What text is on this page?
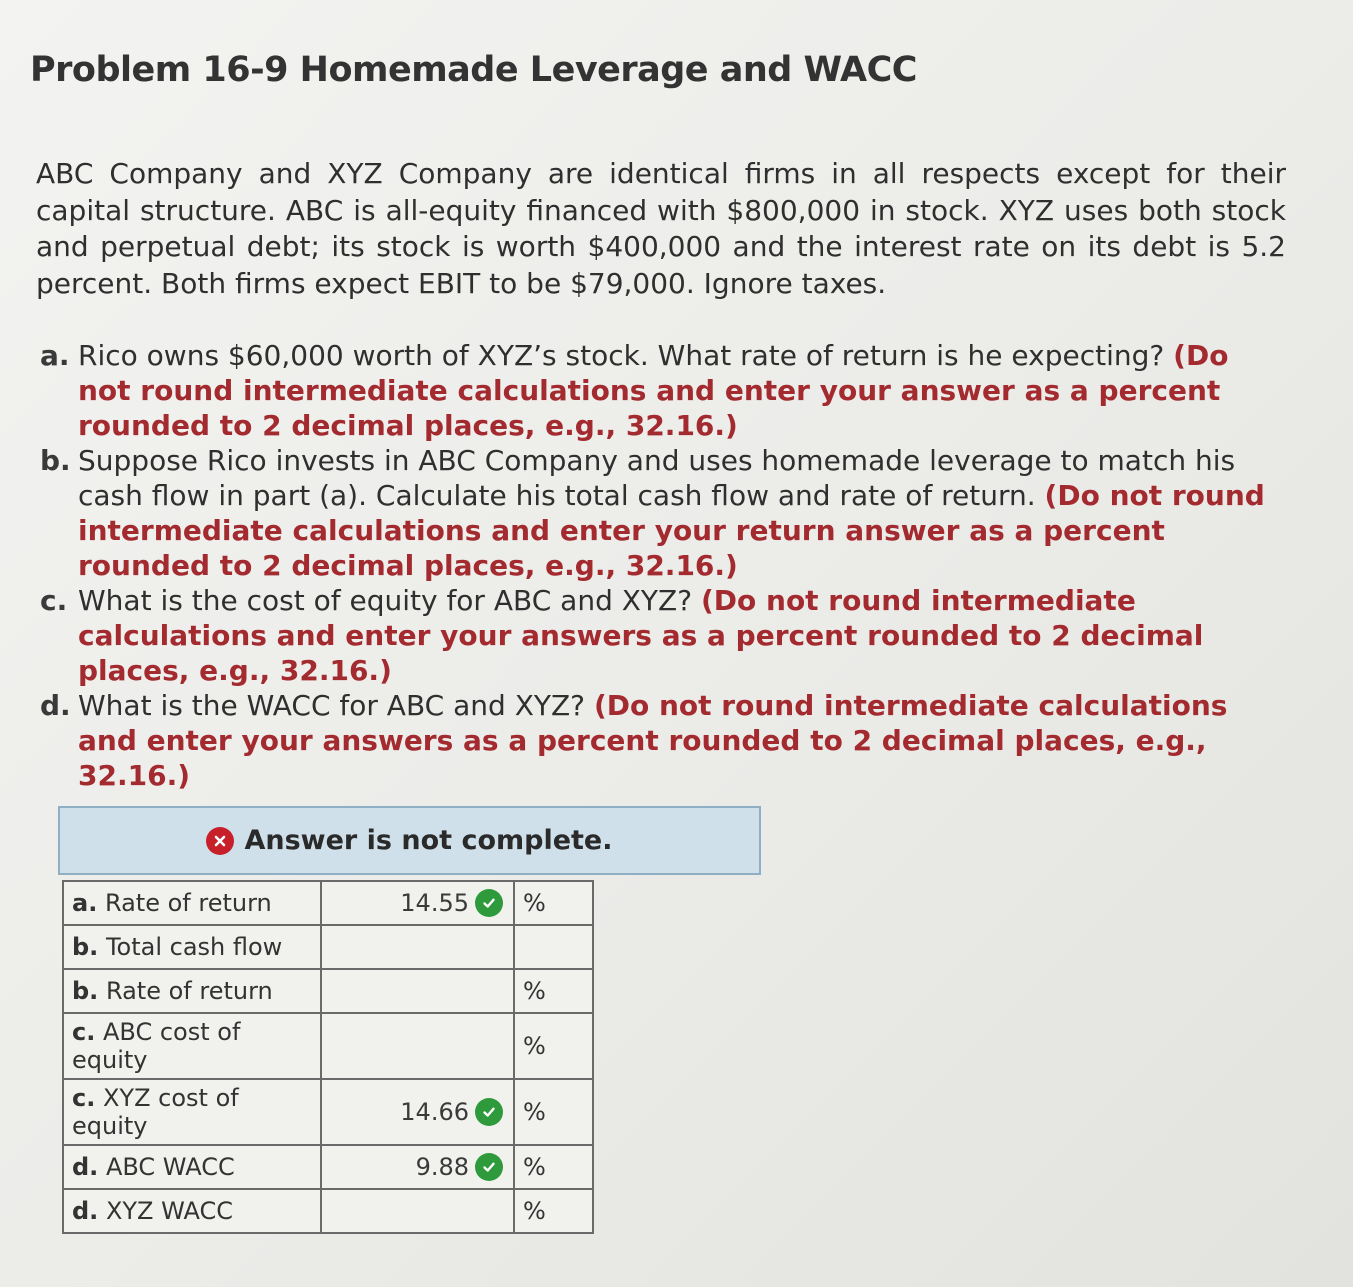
Problem 16-9 Homemade Leverage and WACC
ABC Company and XYZ Company are identical firms in all respects except for their capital structure. ABC is all-equity financed with $800,000 in stock. XYZ uses both stock and perpetual debt; its stock is worth $400,000 and the interest rate on its debt is 5.2 percent. Both firms expect EBIT to be $79,000. Ignore taxes.
a. Rico owns $60,000 worth of XYZ’s stock. What rate of return is he expecting? (Do not round intermediate calculations and enter your answer as a percent rounded to 2 decimal places, e.g., 32.16.)
b. Suppose Rico invests in ABC Company and uses homemade leverage to match his cash flow in part (a). Calculate his total cash flow and rate of return. (Do not round intermediate calculations and enter your return answer as a percent rounded to 2 decimal places, e.g., 32.16.)
c. What is the cost of equity for ABC and XYZ? (Do not round intermediate calculations and enter your answers as a percent rounded to 2 decimal places, e.g., 32.16.)
d. What is the WACC for ABC and XYZ? (Do not round intermediate calculations and enter your answers as a percent rounded to 2 decimal places, e.g., 32.16.)
Answer is not complete.
a. Rate of return	14.55	%
b. Total cash flow		
b. Rate of return		%
c. ABC cost of equity		%
c. XYZ cost of equity	14.66	%
d. ABC WACC	9.88	%
d. XYZ WACC		%
